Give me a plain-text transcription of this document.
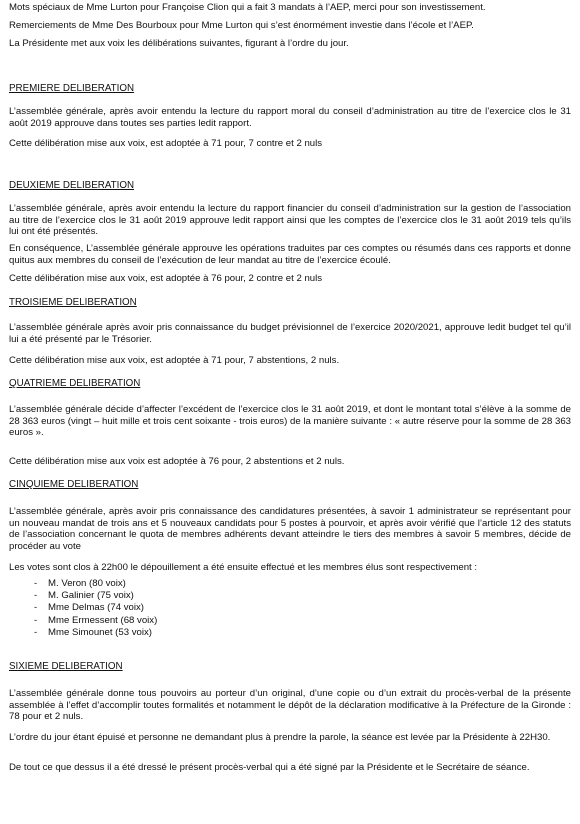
Mots spéciaux de Mme Lurton pour Françoise Clion qui a fait 3 mandats à l’AEP, merci pour son investissement.

Remerciements de Mme Des Bourboux pour Mme Lurton qui s’est énormément investie dans l’école et l’AEP.

La Présidente met aux voix les délibérations suivantes, figurant à l’ordre du jour.

PREMIERE DELIBERATION

L’assemblée générale, après avoir entendu la lecture du rapport moral du conseil d’administration au titre de l’exercice clos le 31 août 2019 approuve dans toutes ses parties ledit rapport.

Cette délibération mise aux voix, est adoptée à 71 pour, 7 contre et 2 nuls

DEUXIEME DELIBERATION

L’assemblée générale, après avoir entendu la lecture du rapport financier du conseil d’administration sur la gestion de l’association au titre de l’exercice clos le 31 août 2019 approuve ledit rapport ainsi que les comptes de l’exercice clos le 31 août 2019 tels qu’ils lui ont été présentés.

En conséquence, L’assemblée générale approuve les opérations traduites par ces comptes ou résumés dans ces rapports et donne quitus aux membres du conseil de l’exécution de leur mandat au titre de l’exercice écoulé.

Cette délibération mise aux voix, est adoptée à 76 pour, 2 contre et 2 nuls

TROISIEME DELIBERATION

L’assemblée générale après avoir pris connaissance du budget prévisionnel de l’exercice 2020/2021, approuve ledit budget tel qu’il lui a été présenté par le Trésorier.

Cette délibération mise aux voix, est adoptée à 71 pour, 7 abstentions, 2 nuls.

QUATRIEME DELIBERATION

L’assemblée générale décide d’affecter l’excédent de l’exercice clos le 31 août 2019, et dont le montant total s’élève à la somme de 28 363 euros (vingt – huit mille et trois cent soixante - trois euros) de la manière suivante : « autre réserve pour la somme de 28 363 euros ».

Cette délibération mise aux voix est adoptée à 76 pour, 2 abstentions et 2 nuls.

CINQUIEME DELIBERATION

L’assemblée générale, après avoir pris connaissance des candidatures présentées, à savoir 1 administrateur se représentant pour un nouveau mandat de trois ans et 5 nouveaux candidats pour 5 postes à pourvoir, et après avoir vérifié que l’article 12 des statuts de l’association concernant le quota de membres adhérents devant atteindre le tiers des membres à savoir 5 membres, décide de procéder au vote

Les votes sont clos à 22h00 le dépouillement a été ensuite effectué et les membres élus sont respectivement :

- M. Veron (80 voix)
- M. Galinier (75 voix)
- Mme Delmas (74 voix)
- Mme Ermessent (68 voix)
- Mme Simounet (53 voix)

SIXIEME DELIBERATION

L’assemblée générale donne tous pouvoirs au porteur d’un original, d’une copie ou d’un extrait du procès-verbal de la présente assemblée à l’effet d’accomplir toutes formalités et notamment le dépôt de la déclaration modificative à la Préfecture de la Gironde : 78 pour et 2 nuls.

L’ordre du jour étant épuisé et personne ne demandant plus à prendre la parole, la séance est levée par la Présidente à 22H30.

De tout ce que dessus il a été dressé le présent procès-verbal qui a été signé par la Présidente et le Secrétaire de séance.
